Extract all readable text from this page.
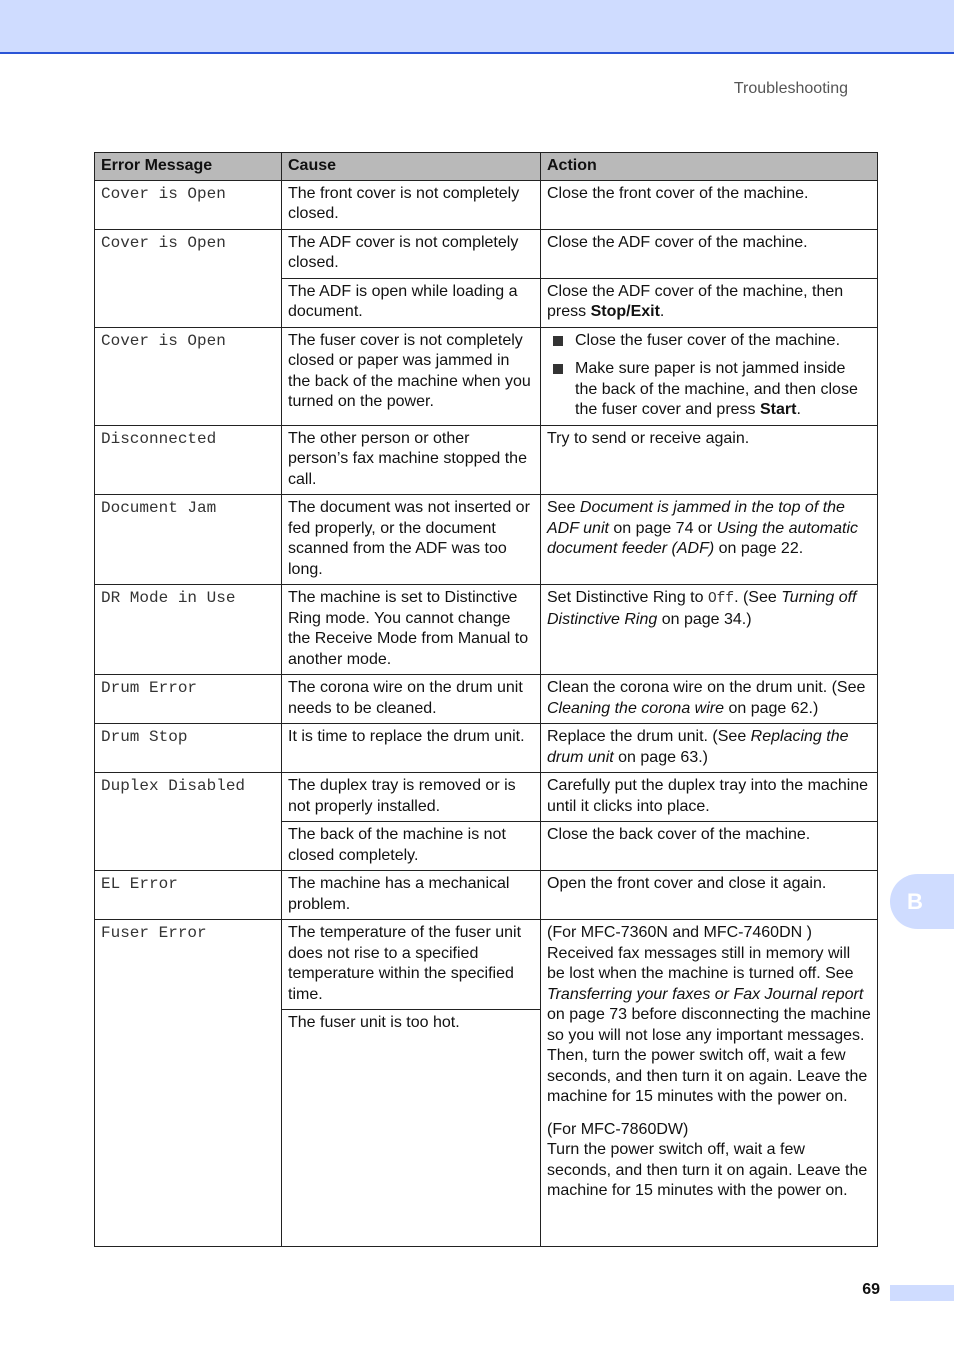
Troubleshooting
Error Message	Cause	Action
Cover is Open	The front cover is not completely closed.	Close the front cover of the machine.
Cover is Open	The ADF cover is not completely closed.	Close the ADF cover of the machine.
	The ADF is open while loading a document.	Close the ADF cover of the machine, then press Stop/Exit.
Cover is Open	The fuser cover is not completely closed or paper was jammed in the back of the machine when you turned on the power.	Close the fuser cover of the machine.
Make sure paper is not jammed inside the back of the machine, and then close the fuser cover and press Start.

Disconnected	The other person or other person’s fax machine stopped the call.	Try to send or receive again.
Document Jam	The document was not inserted or fed properly, or the document scanned from the ADF was too long.	See Document is jammed in the top of the ADF unit on page 74 or Using the automatic document feeder (ADF) on page 22.
DR Mode in Use	The machine is set to Distinctive Ring mode. You cannot change the Receive Mode from Manual to another mode.	Set Distinctive Ring to Off. (See Turning off Distinctive Ring on page 34.)
Drum Error	The corona wire on the drum unit needs to be cleaned.	Clean the corona wire on the drum unit. (See Cleaning the corona wire on page 62.)
Drum Stop	It is time to replace the drum unit.	Replace the drum unit. (See Replacing the drum unit on page 63.)
Duplex Disabled	The duplex tray is removed or is not properly installed.	Carefully put the duplex tray into the machine until it clicks into place.
	The back of the machine is not closed completely.	Close the back cover of the machine.
EL Error	The machine has a mechanical problem.	Open the front cover and close it again.
Fuser Error	The temperature of the fuser unit does not rise to a specified temperature within the specified time.	(For MFC-7360N and MFC-7460DN )
Received fax messages still in memory will be lost when the machine is turned off. See Transferring your faxes or Fax Journal report on page 73 before disconnecting the machine so you will not lose any important messages. Then, turn the power switch off, wait a few seconds, and then turn it on again. Leave the machine for 15 minutes with the power on.
(For MFC-7860DW)
Turn the power switch off, wait a few seconds, and then turn it on again. Leave the machine for 15 minutes with the power on.

	The fuser unit is too hot.	
B
69
